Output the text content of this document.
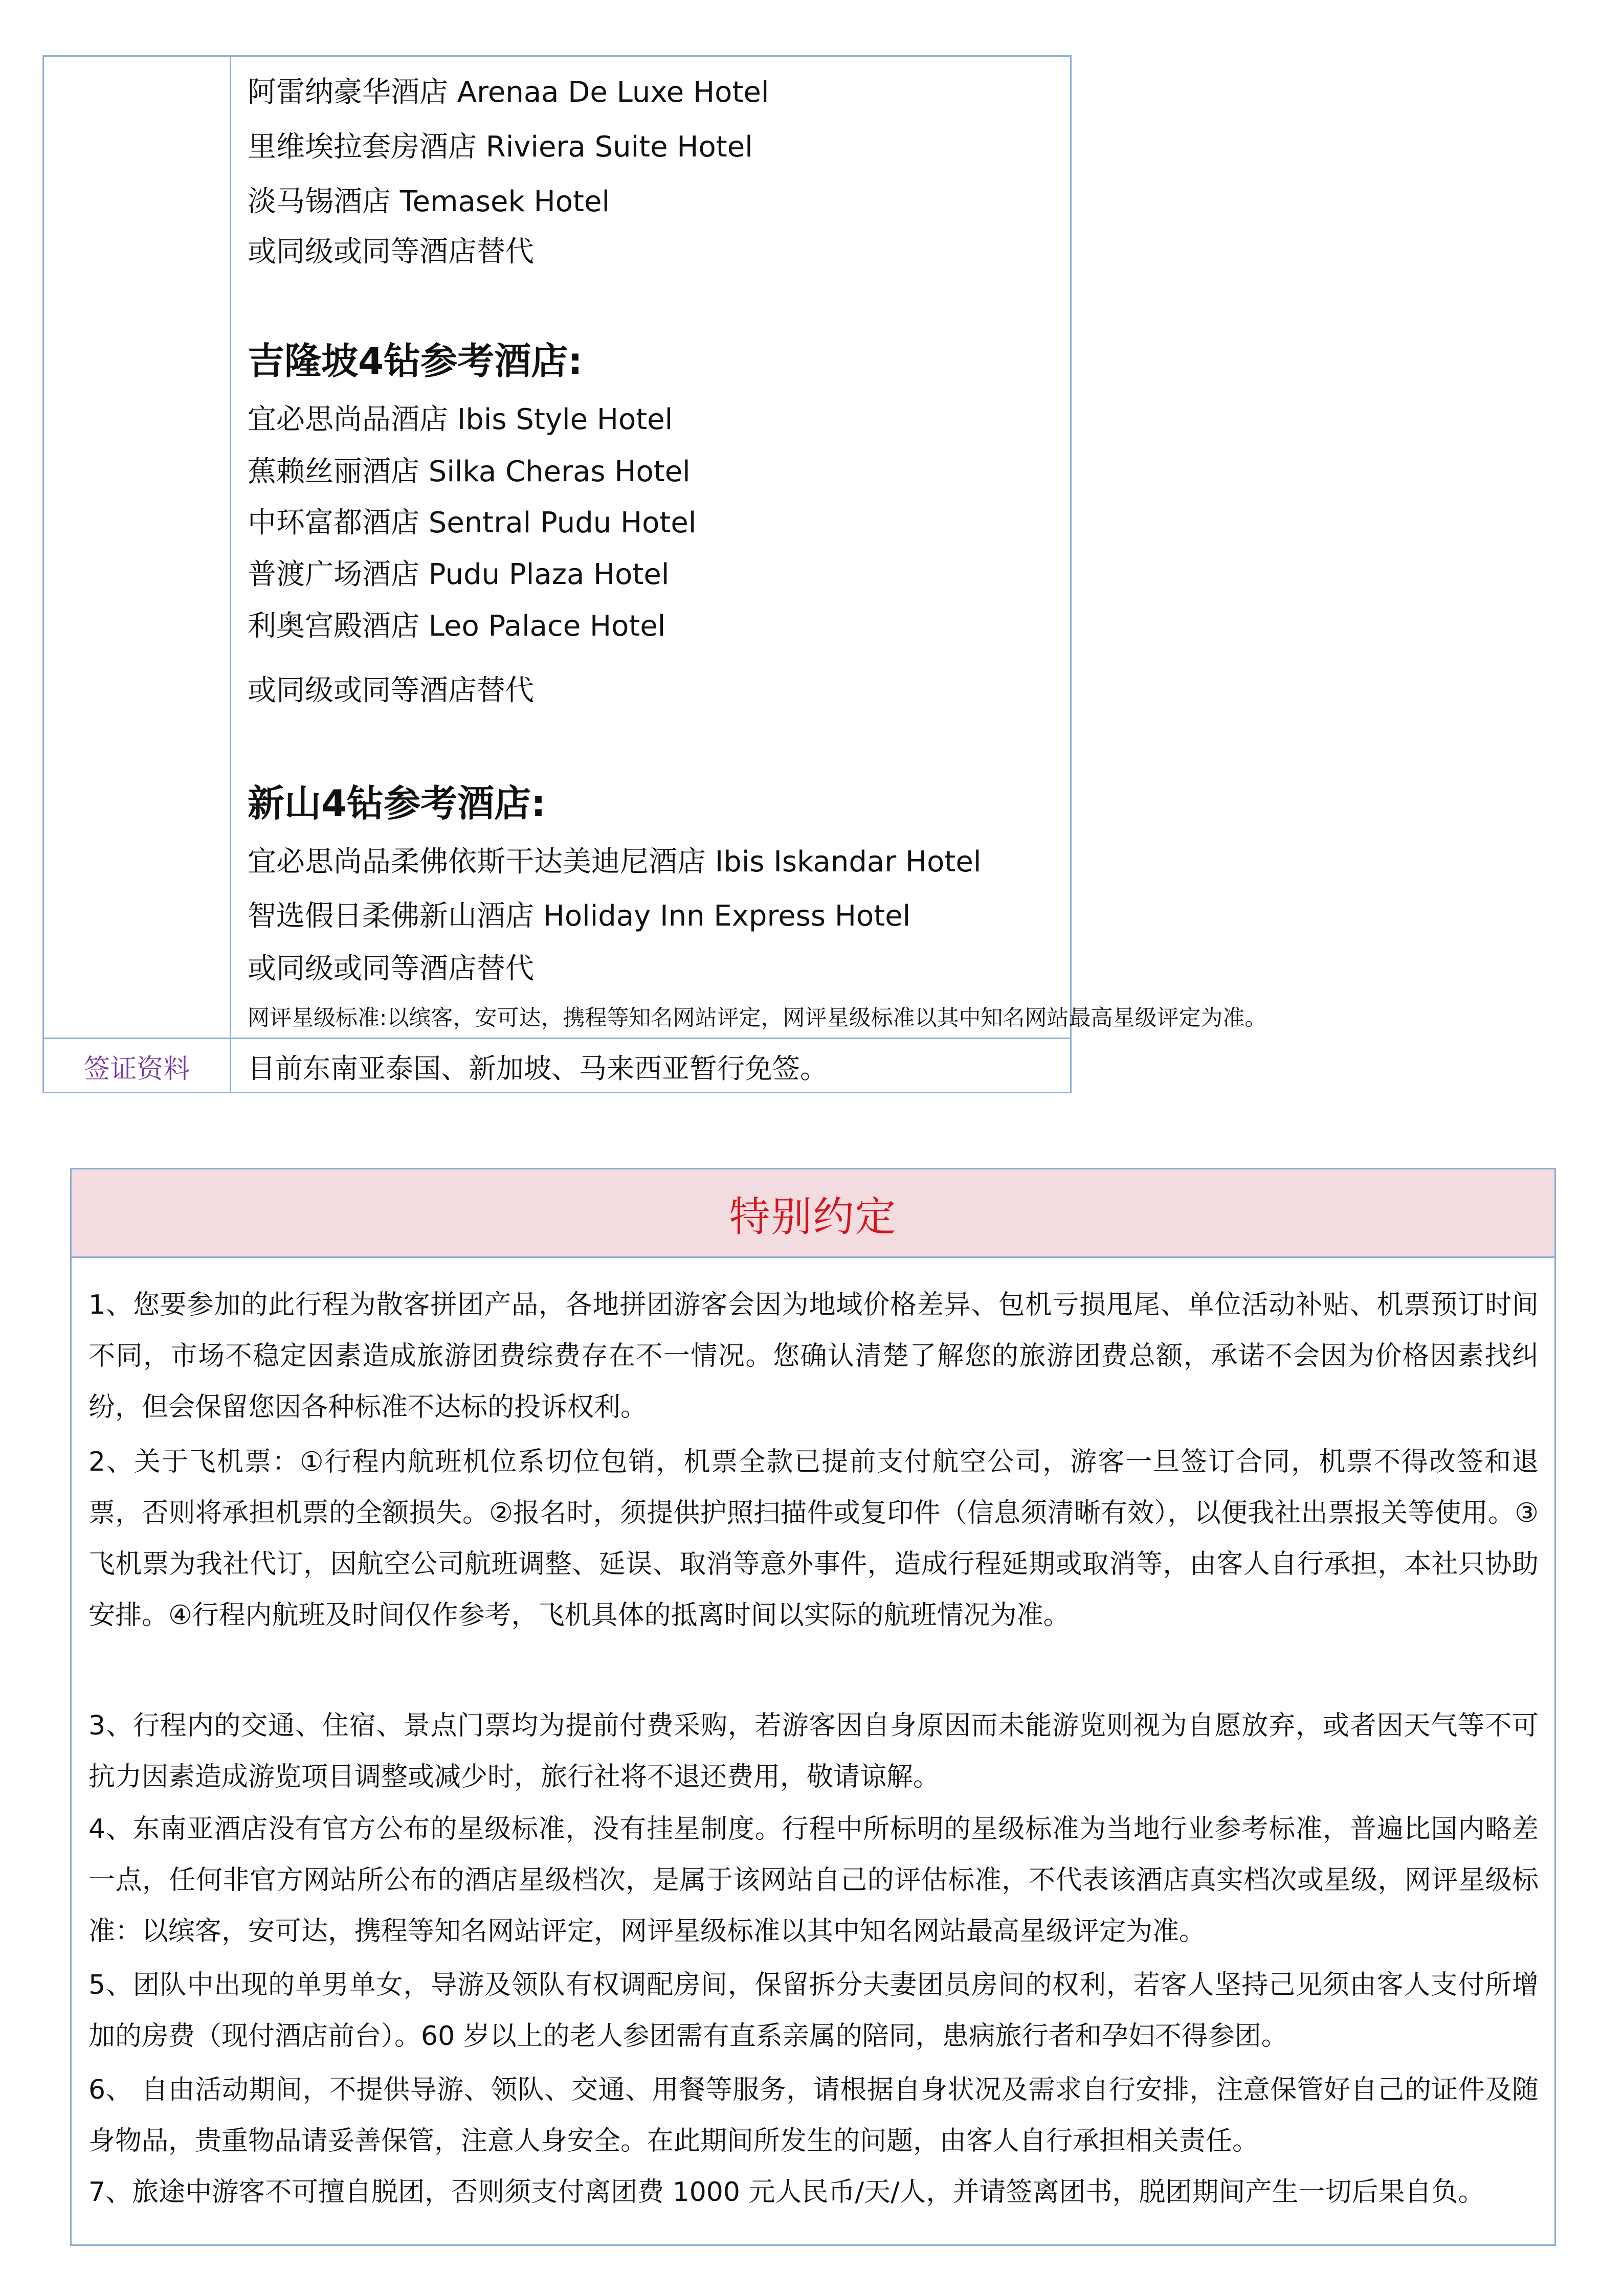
阿雷纳豪华酒店 Arenaa De Luxe Hotel
里维埃拉套房酒店 Riviera Suite Hotel
淡马锡酒店 Temasek Hotel
或同级或同等酒店替代
吉隆坡4钻参考酒店:
宜必思尚品酒店 Ibis Style Hotel
蕉赖丝丽酒店 Silka Cheras Hotel
中环富都酒店 Sentral Pudu Hotel
普渡广场酒店 Pudu Plaza Hotel
利奥宫殿酒店 Leo Palace Hotel
或同级或同等酒店替代
新山4钻参考酒店:
宜必思尚品柔佛依斯干达美迪尼酒店 Ibis Iskandar Hotel
智选假日柔佛新山酒店 Holiday Inn Express Hotel
或同级或同等酒店替代
网评星级标准:以缤客，安可达，携程等知名网站评定，网评星级标准以其中知名网站最高星级评定为准。
签证资料	目前东南亚泰国、新加坡、马来西亚暂行免签。
特别约定
1、您要参加的此行程为散客拼团产品，各地拼团游客会因为地域价格差异、包机亏损甩尾、单位活动补贴、机票预订时间不同，市场不稳定因素造成旅游团费综费存在不一情况。您确认清楚了解您的旅游团费总额，承诺不会因为价格因素找纠纷，但会保留您因各种标准不达标的投诉权利。
2、关于飞机票：①行程内航班机位系切位包销，机票全款已提前支付航空公司，游客一旦签订合同，机票不得改签和退票，否则将承担机票的全额损失。②报名时，须提供护照扫描件或复印件（信息须清晰有效），以便我社出票报关等使用。③飞机票为我社代订，因航空公司航班调整、延误、取消等意外事件，造成行程延期或取消等，由客人自行承担，本社只协助安排。④行程内航班及时间仅作参考，飞机具体的抵离时间以实际的航班情况为准。
3、行程内的交通、住宿、景点门票均为提前付费采购，若游客因自身原因而未能游览则视为自愿放弃，或者因天气等不可抗力因素造成游览项目调整或减少时，旅行社将不退还费用，敬请谅解。
4、东南亚酒店没有官方公布的星级标准，没有挂星制度。行程中所标明的星级标准为当地行业参考标准，普遍比国内略差一点，任何非官方网站所公布的酒店星级档次，是属于该网站自己的评估标准，不代表该酒店真实档次或星级，网评星级标准：以缤客，安可达，携程等知名网站评定，网评星级标准以其中知名网站最高星级评定为准。
5、团队中出现的单男单女，导游及领队有权调配房间，保留拆分夫妻团员房间的权利，若客人坚持己见须由客人支付所增加的房费（现付酒店前台）。60 岁以上的老人参团需有直系亲属的陪同，患病旅行者和孕妇不得参团。
6、 自由活动期间，不提供导游、领队、交通、用餐等服务，请根据自身状况及需求自行安排，注意保管好自己的证件及随身物品，贵重物品请妥善保管，注意人身安全。在此期间所发生的问题，由客人自行承担相关责任。
7、旅途中游客不可擅自脱团，否则须支付离团费 1000 元人民币/天/人，并请签离团书，脱团期间产生一切后果自负。
